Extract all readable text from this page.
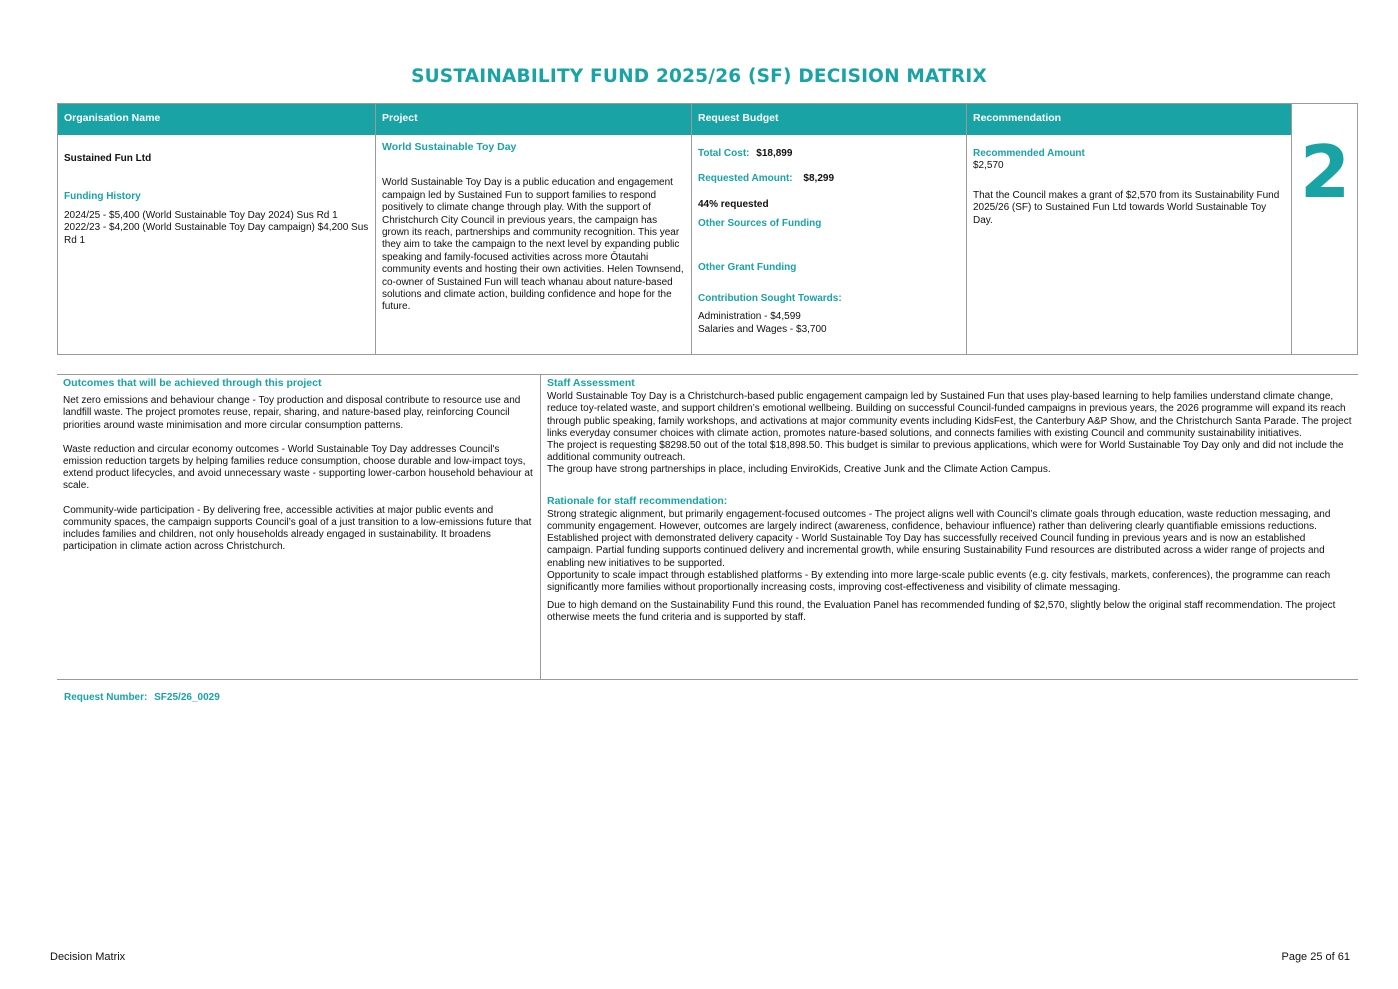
SUSTAINABILITY FUND 2025/26 (SF) DECISION MATRIX
Organisation Name
Sustained Fun Ltd
Funding History
2024/25 - $5,400 (World Sustainable Toy Day 2024) Sus Rd 1
2022/23 - $4,200 (World Sustainable Toy Day campaign) $4,200 Sus Rd 1
Project
World Sustainable Toy Day
World Sustainable Toy Day is a public education and engagement campaign led by Sustained Fun to support families to respond positively to climate change through play. With the support of Christchurch City Council in previous years, the campaign has grown its reach, partnerships and community recognition. This year they aim to take the campaign to the next level by expanding public speaking and family-focused activities across more Ōtautahi community events and hosting their own activities. Helen Townsend, co-owner of Sustained Fun will teach whanau about nature-based solutions and climate action, building confidence and hope for the future.
Request Budget
Total Cost: $18,899
Requested Amount: $8,299
44% requested
Other Sources of Funding
Other Grant Funding
Contribution Sought Towards:
Administration - $4,599
Salaries and Wages - $3,700
Recommendation
Recommended Amount
$2,570
That the Council makes a grant of $2,570 from its Sustainability Fund 2025/26 (SF) to Sustained Fun Ltd towards World Sustainable Toy Day.
2
Outcomes that will be achieved through this project

Net zero emissions and behaviour change - Toy production and disposal contribute to resource use and landfill waste. The project promotes reuse, repair, sharing, and nature-based play, reinforcing Council priorities around waste minimisation and more circular consumption patterns.

Waste reduction and circular economy outcomes - World Sustainable Toy Day addresses Council's emission reduction targets by helping families reduce consumption, choose durable and low-impact toys, extend product lifecycles, and avoid unnecessary waste - supporting lower-carbon household behaviour at scale.

Community-wide participation - By delivering free, accessible activities at major public events and community spaces, the campaign supports Council’s goal of a just transition to a low-emissions future that includes families and children, not only households already engaged in sustainability. It broadens participation in climate action across Christchurch.

Staff Assessment

World Sustainable Toy Day is a Christchurch-based public engagement campaign led by Sustained Fun that uses play-based learning to help families understand climate change, reduce toy-related waste, and support children’s emotional wellbeing. Building on successful Council-funded campaigns in previous years, the 2026 programme will expand its reach through public speaking, family workshops, and activations at major community events including KidsFest, the Canterbury A&P Show, and the Christchurch Santa Parade. The project links everyday consumer choices with climate action, promotes nature-based solutions, and connects families with existing Council and community sustainability initiatives.

The project is requesting $8298.50 out of the total $18,898.50. This budget is similar to previous applications, which were for World Sustainable Toy Day only and did not include the additional community outreach.

The group have strong partnerships in place, including EnviroKids, Creative Junk and the Climate Action Campus.

Rationale for staff recommendation:

Strong strategic alignment, but primarily engagement-focused outcomes - The project aligns well with Council’s climate goals through education, waste reduction messaging, and community engagement. However, outcomes are largely indirect (awareness, confidence, behaviour influence) rather than delivering clearly quantifiable emissions reductions.

Established project with demonstrated delivery capacity - World Sustainable Toy Day has successfully received Council funding in previous years and is now an established campaign. Partial funding supports continued delivery and incremental growth, while ensuring Sustainability Fund resources are distributed across a wider range of projects and enabling new initiatives to be supported.

Opportunity to scale impact through established platforms - By extending into more large-scale public events (e.g. city festivals, markets, conferences), the programme can reach significantly more families without proportionally increasing costs, improving cost-effectiveness and visibility of climate messaging.

Due to high demand on the Sustainability Fund this round, the Evaluation Panel has recommended funding of $2,570, slightly below the original staff recommendation. The project otherwise meets the fund criteria and is supported by staff.

Request Number: SF25/26_0029
Decision Matrix	Page 25 of 61
